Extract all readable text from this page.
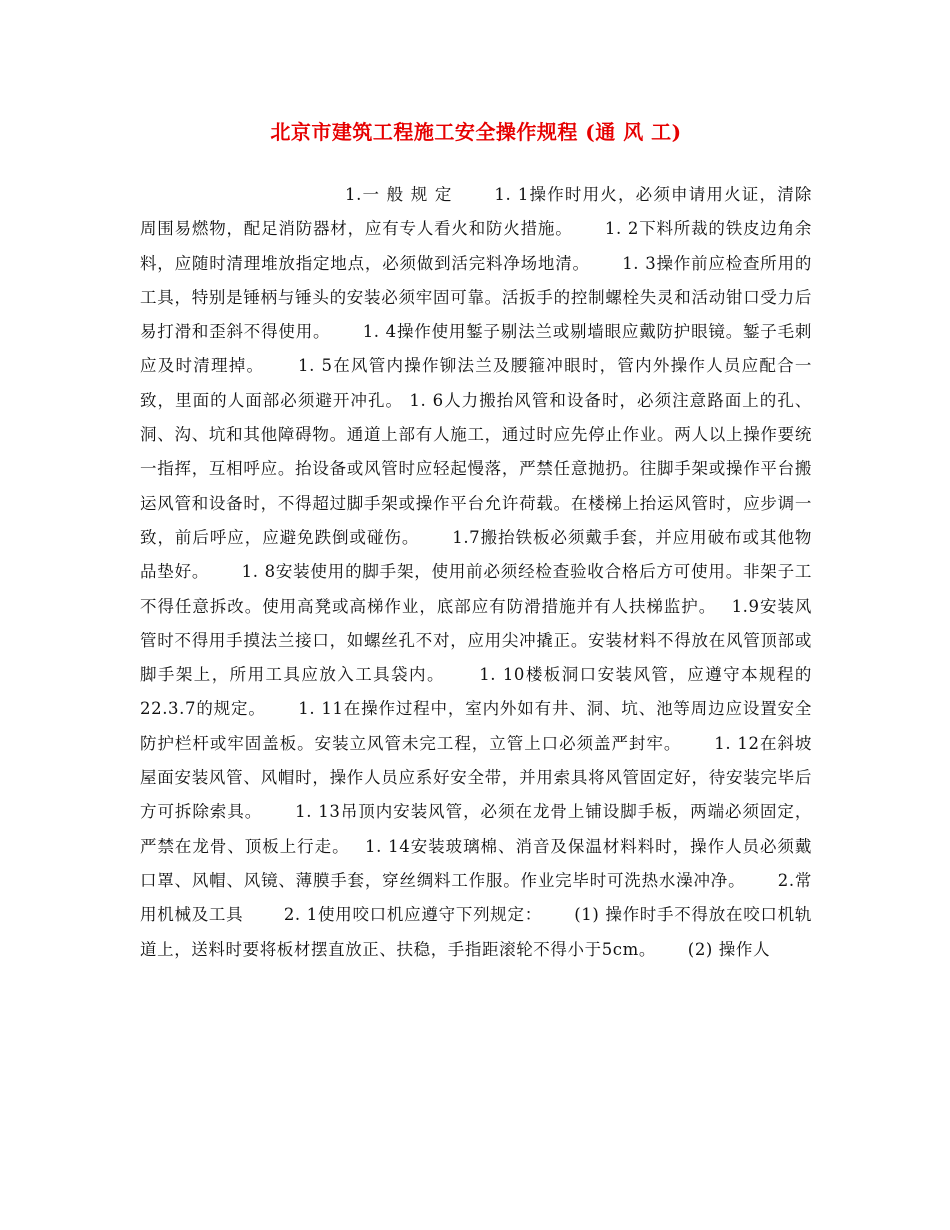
北京市建筑工程施工安全操作规程 (通 风 工)

1.一 般 规 定　　 1. 1操作时用火，必须申请用火证，清除周围易燃物，配足消防器材，应有专人看火和防火措施。　　 1. 2下料所裁的铁皮边角余料，应随时清理堆放指定地点，必须做到活完料净场地清。　　 1. 3操作前应检查所用的工具，特别是锤柄与锤头的安装必须牢固可靠。活扳手的控制螺栓失灵和活动钳口受力后易打滑和歪斜不得使用。　　 1. 4操作使用錾子剔法兰或剔墙眼应戴防护眼镜。錾子毛刺应及时清理掉。　　 1. 5在风管内操作铆法兰及腰箍冲眼时，管内外操作人员应配合一致，里面的人面部必须避开冲孔。 1. 6人力搬抬风管和设备时，必须注意路面上的孔、洞、沟、坑和其他障碍物。通道上部有人施工，通过时应先停止作业。两人以上操作要统一指挥，互相呼应。抬设备或风管时应轻起慢落，严禁任意抛扔。往脚手架或操作平台搬运风管和设备时，不得超过脚手架或操作平台允许荷载。在楼梯上抬运风管时，应步调一致，前后呼应，应避免跌倒或碰伤。　　 1.7搬抬铁板必须戴手套，并应用破布或其他物品垫好。　　 1. 8安装使用的脚手架，使用前必须经检查验收合格后方可使用。非架子工不得任意拆改。使用高凳或高梯作业，底部应有防滑措施并有人扶梯监护。　 1.9安装风管时不得用手摸法兰接口，如螺丝孔不对，应用尖冲撬正。安装材料不得放在风管顶部或脚手架上，所用工具应放入工具袋内。　　 1. 10楼板洞口安装风管，应遵守本规程的22.3.7的规定。　　 1. 11在操作过程中，室内外如有井、洞、坑、池等周边应设置安全防护栏杆或牢固盖板。安装立风管未完工程，立管上口必须盖严封牢。　　 1. 12在斜坡屋面安装风管、风帽时，操作人员应系好安全带，并用索具将风管固定好，待安装完毕后方可拆除索具。　　 1. 13吊顶内安装风管，必须在龙骨上铺设脚手板，两端必须固定，严禁在龙骨、顶板上行走。　 1. 14安装玻璃棉、消音及保温材料料时，操作人员必须戴口罩、风帽、风镜、薄膜手套，穿丝绸料工作服。作业完毕时可洗热水澡冲净。　　 2.常用机械及工具　　 2. 1使用咬口机应遵守下列规定：　　 (1) 操作时手不得放在咬口机轨道上，送料时要将板材摆直放正、扶稳，手指距滚轮不得小于5cm。　　 (2) 操作人
